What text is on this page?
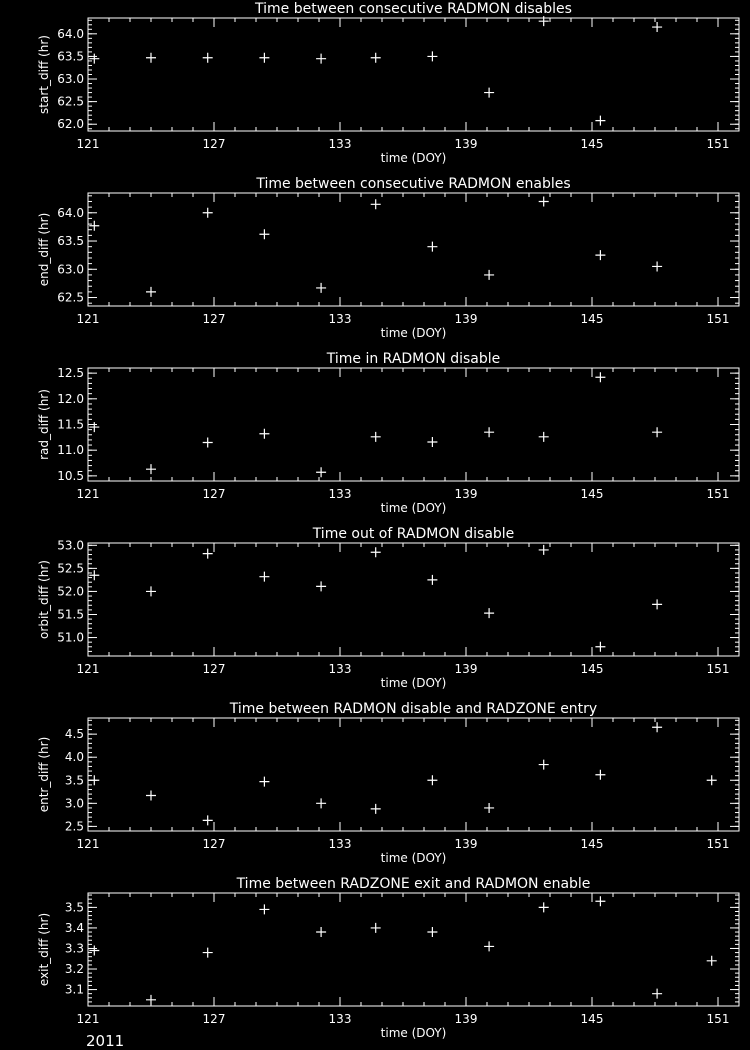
Time between consecutive RADMON disables
121	127	133	139	145	151
62.0
62.5
63.0
63.5
64.0
time (DOY)
start_diff (hr)
Time between consecutive RADMON enables
121	127	133	139	145	151
62.5
63.0
63.5
64.0
time (DOY)
end_diff (hr)
Time in RADMON disable
121	127	133	139	145	151
10.5
11.0
11.5
12.0
12.5
time (DOY)
rad_diff (hr)
Time out of RADMON disable
121	127	133	139	145	151
51.0
51.5
52.0
52.5
53.0
time (DOY)
orbit_diff (hr)
Time between RADMON disable and RADZONE entry
121	127	133	139	145	151
2.5
3.0
3.5
4.0
4.5
time (DOY)
entr_diff (hr)
Time between RADZONE exit and RADMON enable
121	127	133	139	145	151
3.1
3.2
3.3
3.4
3.5
time (DOY)
exit_diff (hr)
2011
